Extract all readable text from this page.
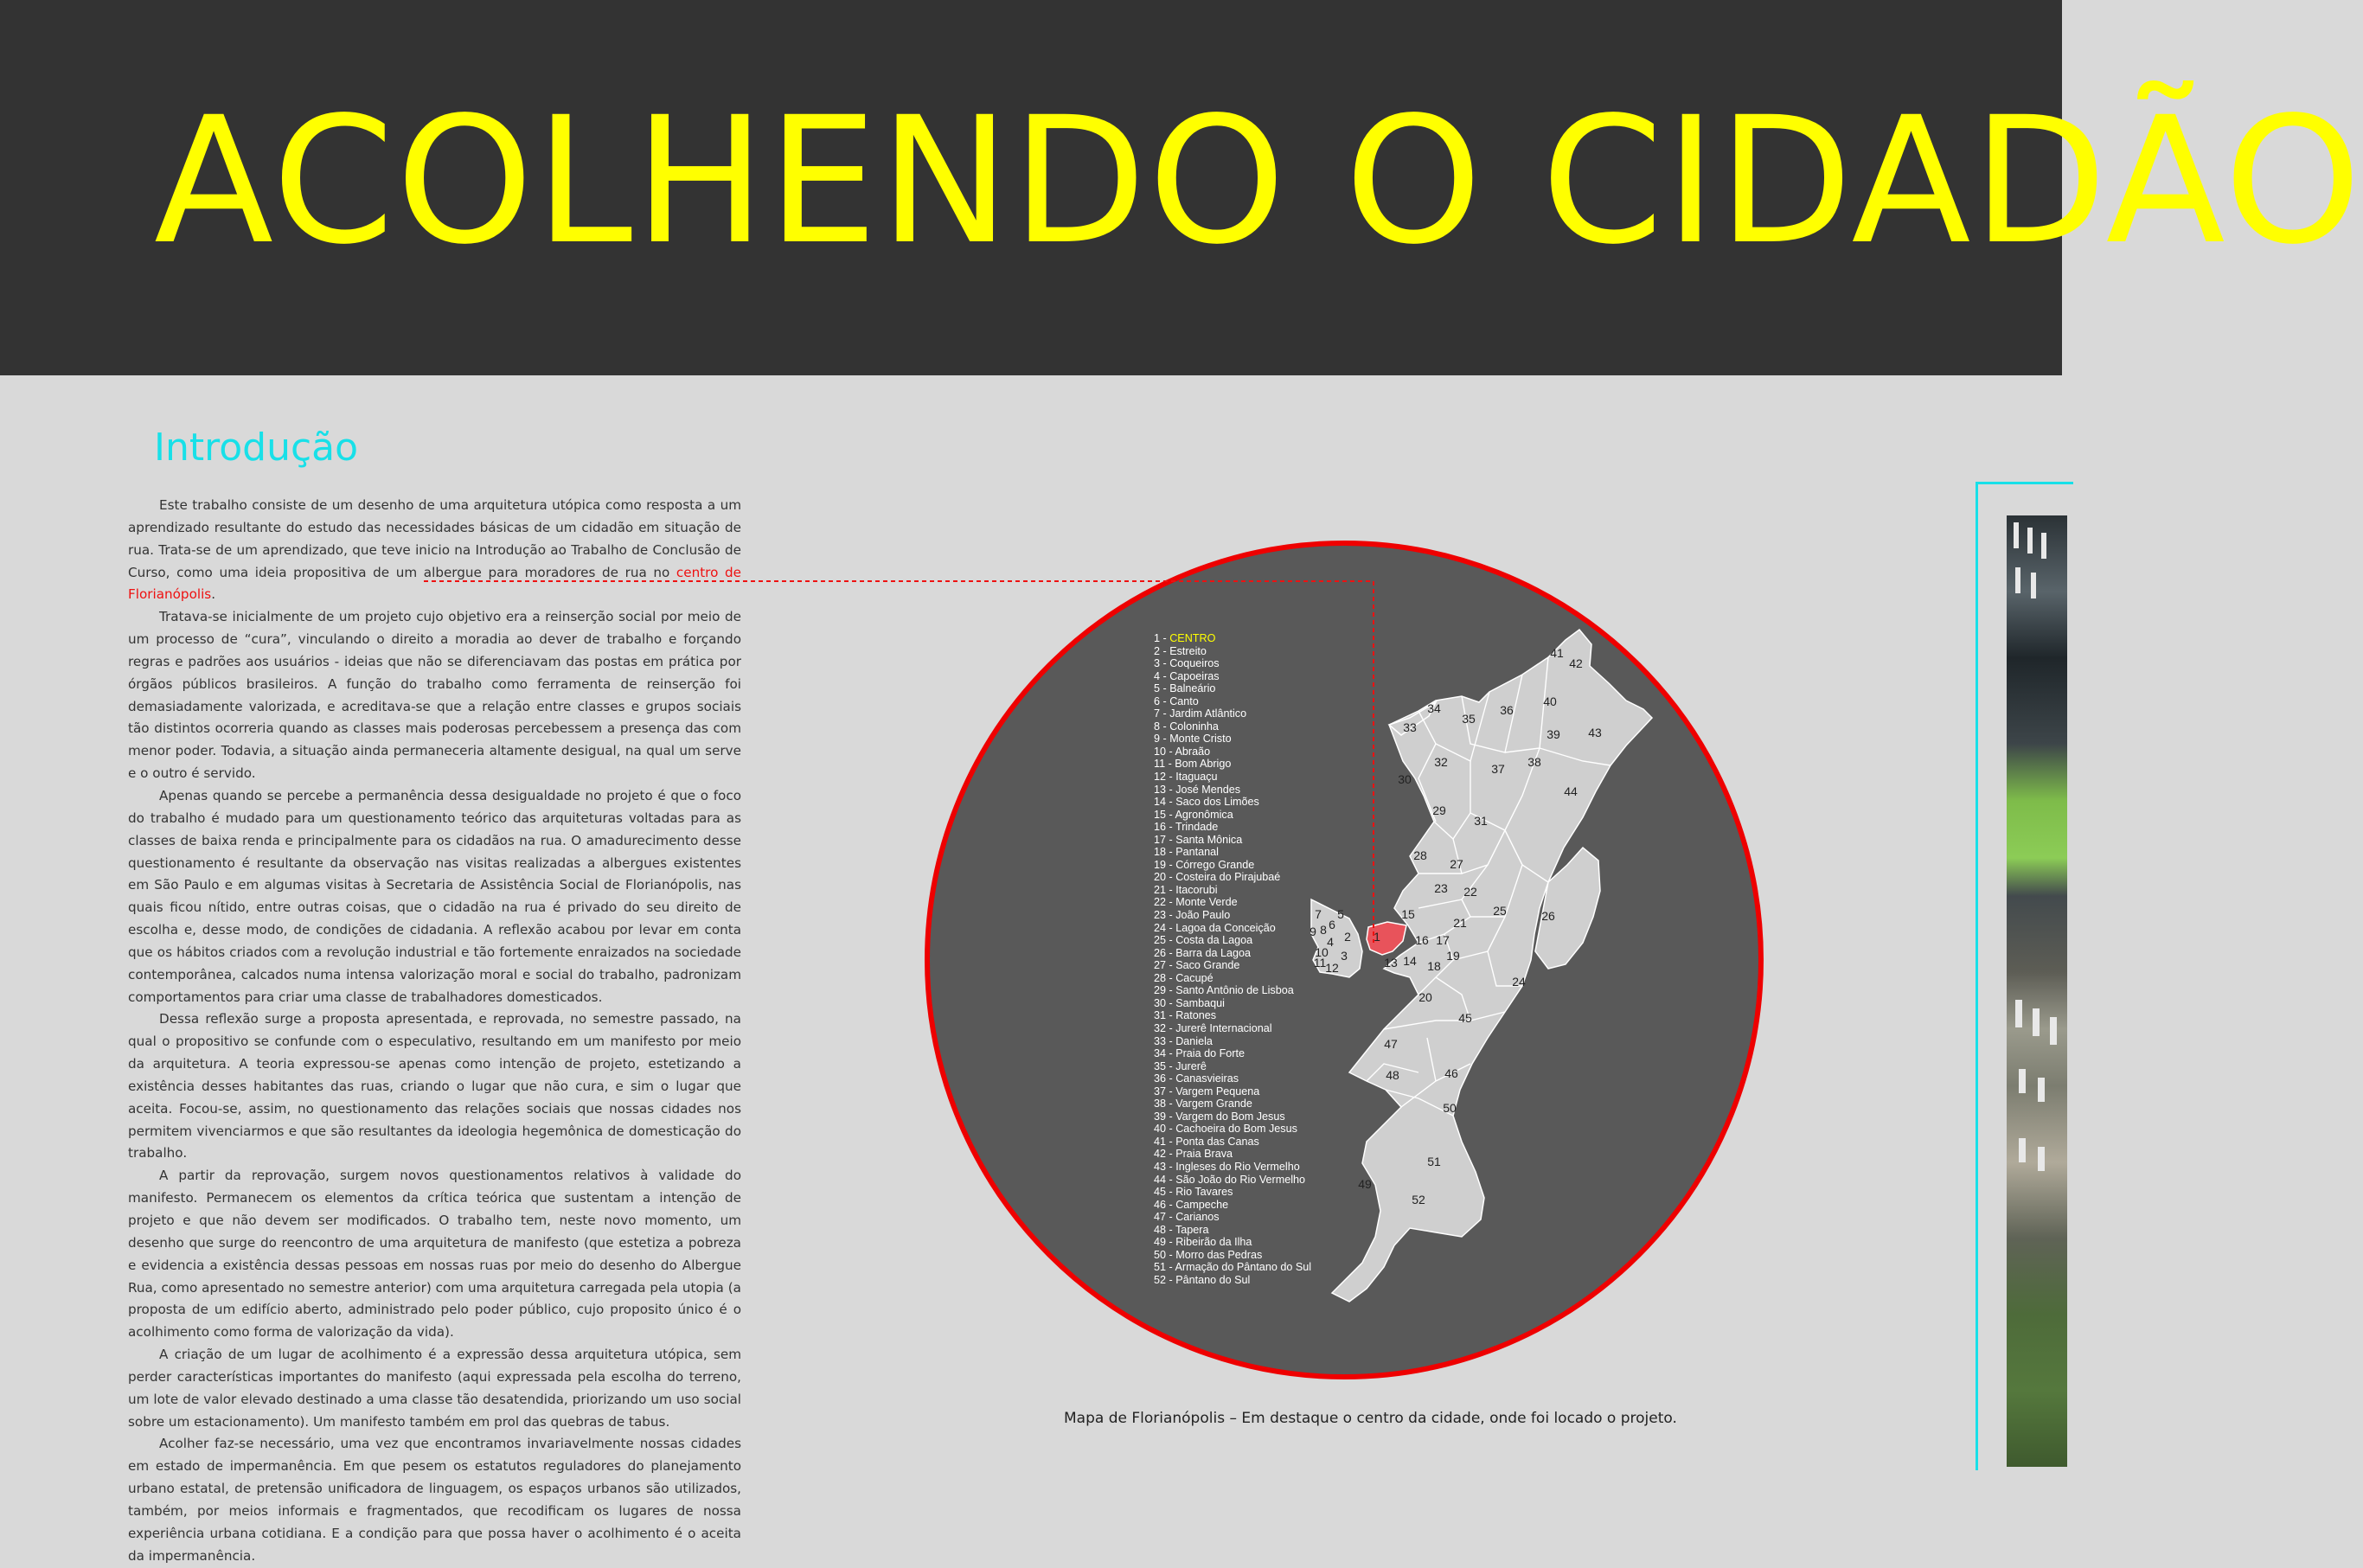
ACOLHENDO O CIDADÃO
Introdução

Este trabalho consiste de um desenho de uma arquitetura utópica como resposta a um aprendizado resultante do estudo das necessidades básicas de um cidadão em situação de rua. Trata-se de um aprendizado, que teve inicio na Introdução ao Trabalho de Conclusão de Curso, como uma ideia propositiva de um albergue para moradores de rua no centro de Florianópolis.

Tratava-se inicialmente de um projeto cujo objetivo era a reinserção social por meio de um processo de “cura”, vinculando o direito a moradia ao dever de trabalho e forçando regras e padrões aos usuários - ideias que não se diferenciavam das postas em prática por órgãos públicos brasileiros. A função do trabalho como ferramenta de reinserção foi demasiadamente valorizada, e acreditava-se que a relação entre classes e grupos sociais tão distintos ocorreria quando as classes mais poderosas percebessem a presença das com menor poder. Todavia, a situação ainda permaneceria altamente desigual, na qual um serve e o outro é servido.

Apenas quando se percebe a permanência dessa desigualdade no projeto é que o foco do trabalho é mudado para um questionamento teórico das arquiteturas voltadas para as classes de baixa renda e principalmente para os cidadãos na rua. O amadurecimento desse questionamento é resultante da observação nas visitas realizadas a albergues existentes em São Paulo e em algumas visitas à Secretaria de Assistência Social de Florianópolis, nas quais ficou nítido, entre outras coisas, que o cidadão na rua é privado do seu direito de escolha e, desse modo, de condições de cidadania. A reflexão acabou por levar em conta que os hábitos criados com a revolução industrial e tão fortemente enraizados na sociedade contemporânea, calcados numa intensa valorização moral e social do trabalho, padronizam comportamentos para criar uma classe de trabalhadores domesticados.

Dessa reflexão surge a proposta apresentada, e reprovada, no semestre passado, na qual o propositivo se confunde com o especulativo, resultando em um manifesto por meio da arquitetura. A teoria expressou-se apenas como intenção de projeto, estetizando a existência desses habitantes das ruas, criando o lugar que não cura, e sim o lugar que aceita. Focou-se, assim, no questionamento das relações sociais que nossas cidades nos permitem vivenciarmos e que são resultantes da ideologia hegemônica de domesticação do trabalho.

A partir da reprovação, surgem novos questionamentos relativos à validade do manifesto. Permanecem os elementos da crítica teórica que sustentam a intenção de projeto e que não devem ser modificados. O trabalho tem, neste novo momento, um desenho que surge do reencontro de uma arquitetura de manifesto (que estetiza a pobreza e evidencia a existência dessas pessoas em nossas ruas por meio do desenho do Albergue Rua, como apresentado no semestre anterior) com uma arquitetura carregada pela utopia (a proposta de um edifício aberto, administrado pelo poder público, cujo proposito único é o acolhimento como forma de valorização da vida).

A criação de um lugar de acolhimento é a expressão dessa arquitetura utópica, sem perder características importantes do manifesto (aqui expressada pela escolha do terreno, um lote de valor elevado destinado a uma classe tão desatendida, priorizando um uso social sobre um estacionamento). Um manifesto também em prol das quebras de tabus.

Acolher faz-se necessário, uma vez que encontramos invariavelmente nossas cidades em estado de impermanência. Em que pesem os estatutos reguladores do planejamento urbano estatal, de pretensão unificadora de linguagem, os espaços urbanos são utilizados, também, por meios informais e fragmentados, que recodificam os lugares de nossa experiência urbana cotidiana. E a condição para que possa haver o acolhimento é o aceita da impermanência.

1
2
3
4
5
6
7
8
9
10
11
12	13 14
15
16 17
18
19
20
21
22
23
24
25	26
27
28
29
30
31
32
33
34
35
36
37 38
39
40
41
42
43
44
45
46
47
48
49
50
51
52
1 - CENTRO
2 - Estreito
3 - Coqueiros
4 - Capoeiras
5 - Balneário
6 - Canto
7 - Jardim Atlântico
8 - Coloninha
9 - Monte Cristo
10 - Abraão
11 - Bom Abrigo
12 - Itaguaçu
13 - José Mendes
14 - Saco dos Limões
15 - Agronômica
16 - Trindade
17 - Santa Mônica
18 - Pantanal
19 - Córrego Grande
20 - Costeira do Pirajubaé
21 - Itacorubi
22 - Monte Verde
23 - João Paulo
24 - Lagoa da Conceição
25 - Costa da Lagoa
26 - Barra da Lagoa
27 - Saco Grande
28 - Cacupé
29 - Santo Antônio de Lisboa
30 - Sambaqui
31 - Ratones
32 - Jurerê Internacional
33 - Daniela
34 - Praia do Forte
35 - Jurerê
36 - Canasvieiras
37 - Vargem Pequena
38 - Vargem Grande
39 - Vargem do Bom Jesus
40 - Cachoeira do Bom Jesus
41 - Ponta das Canas
42 - Praia Brava
43 - Ingleses do Rio Vermelho
44 - São João do Rio Vermelho
45 - Rio Tavares
46 - Campeche
47 - Carianos
48 - Tapera
49 - Ribeirão da Ilha
50 - Morro das Pedras
51 - Armação do Pântano do Sul
52 - Pântano do Sul
Mapa de Florianópolis – Em destaque o centro da cidade, onde foi locado o projeto.
